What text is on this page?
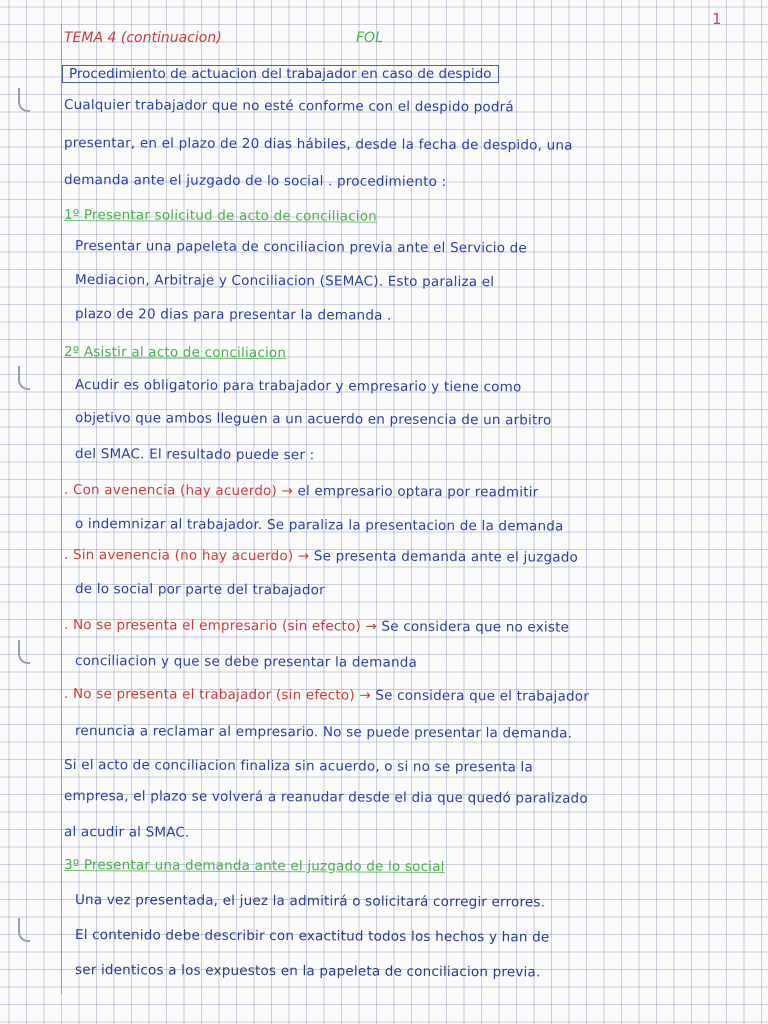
1
TEMA 4 (continuacion)	FOL
Procedimiento de actuacion del trabajador en caso de despido
Cualquier trabajador que no esté conforme con el despido podrá
presentar, en el plazo de 20 dias hábiles, desde la fecha de despido, una
demanda ante el juzgado de lo social . procedimiento :
1º Presentar solicitud de acto de conciliacion
Presentar una papeleta de conciliacion previa ante el Servicio de
Mediacion, Arbitraje y Conciliacion (SEMAC). Esto paraliza el
plazo de 20 dias para presentar la demanda .
2º Asistir al acto de conciliacion
Acudir es obligatorio para trabajador y empresario y tiene como
objetivo que ambos lleguen a un acuerdo en presencia de un arbitro
del SMAC. El resultado puede ser :
. Con avenencia (hay acuerdo) → el empresario optara por readmitir
o indemnizar al trabajador. Se paraliza la presentacion de la demanda
. Sin avenencia (no hay acuerdo) → Se presenta demanda ante el juzgado
de lo social por parte del trabajador
. No se presenta el empresario (sin efecto) → Se considera que no existe
conciliacion y que se debe presentar la demanda
. No se presenta el trabajador (sin efecto) → Se considera que el trabajador
renuncia a reclamar al empresario. No se puede presentar la demanda.
Si el acto de conciliacion finaliza sin acuerdo, o si no se presenta la
empresa, el plazo se volverá a reanudar desde el dia que quedó paralizado
al acudir al SMAC.
3º Presentar una demanda ante el juzgado de lo social
Una vez presentada, el juez la admitirá o solicitará corregir errores.
El contenido debe describir con exactitud todos los hechos y han de
ser identicos a los expuestos en la papeleta de conciliacion previa.
